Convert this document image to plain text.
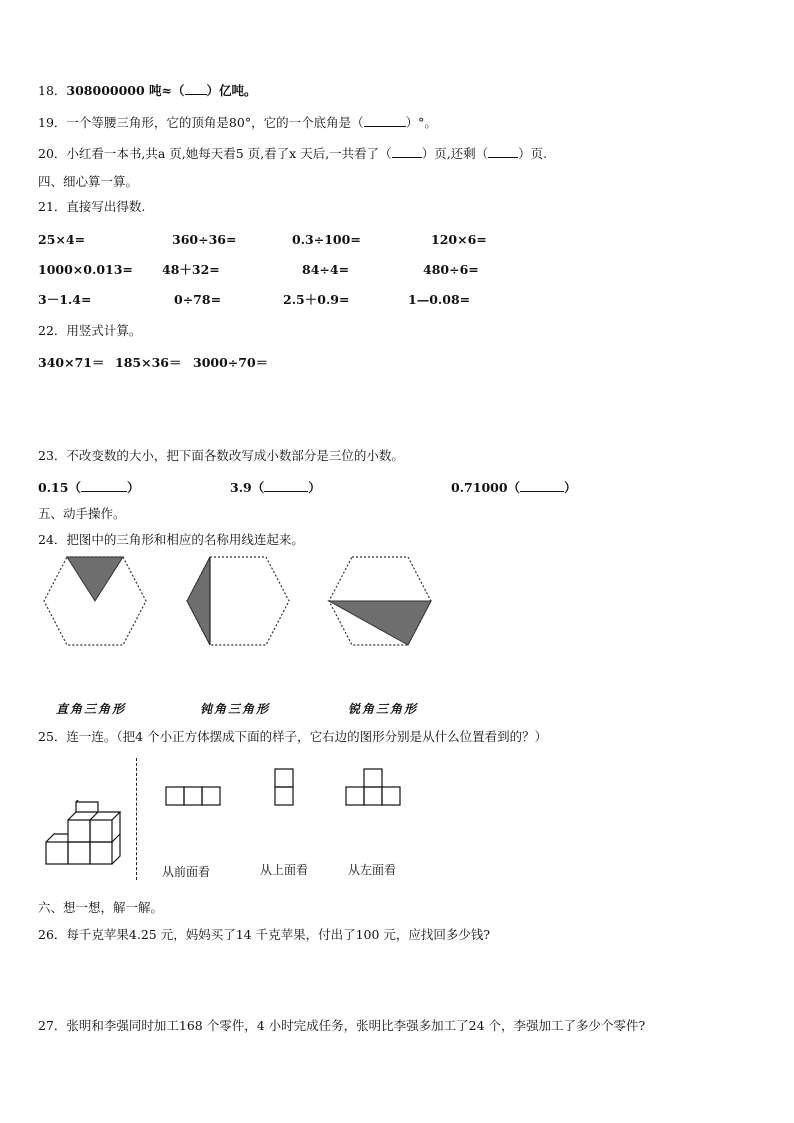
18．308000000 吨≈（ ）亿吨。
19．一个等腰三角形，它的顶角是80°，它的一个底角是（	）°。
20．小红看一本书,共a 页,她每天看5 页,看了x 天后,一共看了（ ）页,还剩（ ）页.
四、细心算一算。
21．直接写出得数.
25×4=	360÷36=	0.3÷100=	120×6=
1000×0.013= 48＋32=	84÷4=	480÷6=
3－1.4=	0÷78=	2.5＋0.9=	1—0.08=
22．用竖式计算。
340×71＝ 185×36＝ 3000÷70＝
23．不改变数的大小，把下面各数改写成小数部分是三位的小数。
0.15（	）	3.9（	）	0.71000（	）
五、动手操作。
24．把图中的三角形和相应的名称用线连起来。
直角三角形	钝角三角形	锐角三角形
25．连一连。（把4 个小正方体摆成下面的样子，它右边的图形分别是从什么位置看到的？）
从前面看	从上面看	从左面看
六、想一想，解一解。
26．每千克苹果4.25 元，妈妈买了14 千克苹果，付出了100 元，应找回多少钱?
27．张明和李强同时加工168 个零件，4 小时完成任务，张明比李强多加工了24 个，李强加工了多少个零件?
